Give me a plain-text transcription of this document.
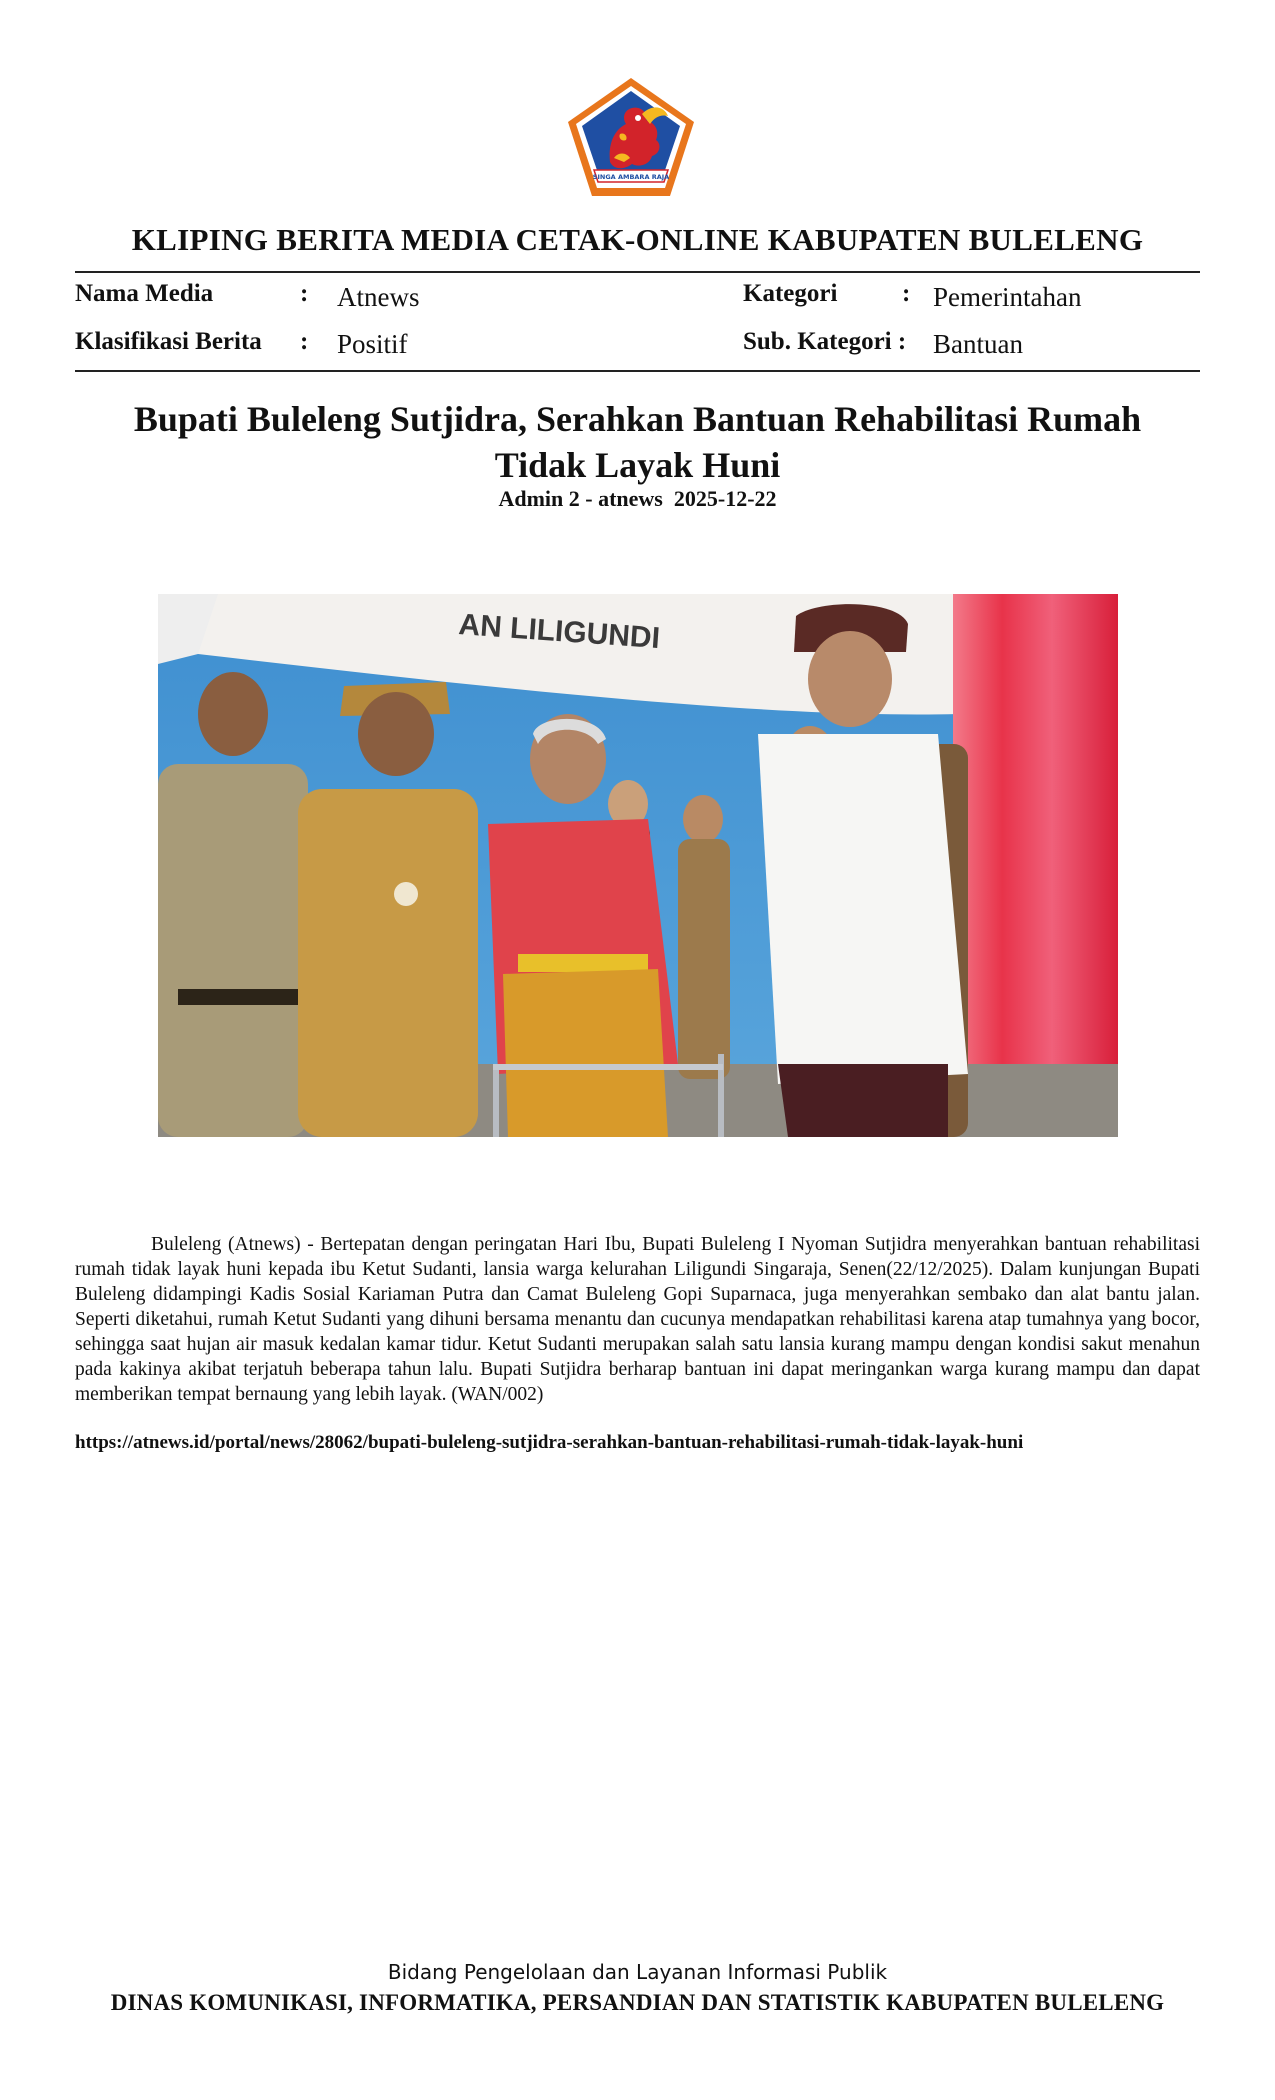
SINGA AMBARA RAJA
KLIPING BERITA MEDIA CETAK-ONLINE KABUPATEN BULELENG
Nama Media	: Atnews	Kategori	: Pemerintahan
Klasifikasi Berita : Positif	Sub. Kategori : Bantuan
Bupati Buleleng Sutjidra, Serahkan Bantuan Rehabilitasi Rumah
Tidak Layak Huni
Admin 2 - atnews  2025-12-22
AN LILIGUNDI
Buleleng (Atnews) - Bertepatan dengan peringatan Hari Ibu, Bupati Buleleng I Nyoman Sutjidra menyerahkan bantuan rehabilitasi rumah tidak layak huni kepada ibu Ketut Sudanti, lansia warga kelurahan Liligundi Singaraja, Senen(22/12/2025). Dalam kunjungan Bupati Buleleng didampingi Kadis Sosial Kariaman Putra dan Camat Buleleng Gopi Suparnaca, juga menyerahkan sembako dan alat bantu jalan. Seperti diketahui, rumah Ketut Sudanti yang dihuni bersama menantu dan cucunya mendapatkan rehabilitasi karena atap tumahnya yang bocor, sehingga saat hujan air masuk kedalan kamar tidur. Ketut Sudanti merupakan salah satu lansia kurang mampu dengan kondisi sakut menahun pada kakinya akibat terjatuh beberapa tahun lalu. Bupati Sutjidra berharap bantuan ini dapat meringankan warga kurang mampu dan dapat memberikan tempat bernaung yang lebih layak. (WAN/002)
https://atnews.id/portal/news/28062/bupati-buleleng-sutjidra-serahkan-bantuan-rehabilitasi-rumah-tidak-layak-huni
Bidang Pengelolaan dan Layanan Informasi Publik
DINAS KOMUNIKASI, INFORMATIKA, PERSANDIAN DAN STATISTIK KABUPATEN BULELENG
